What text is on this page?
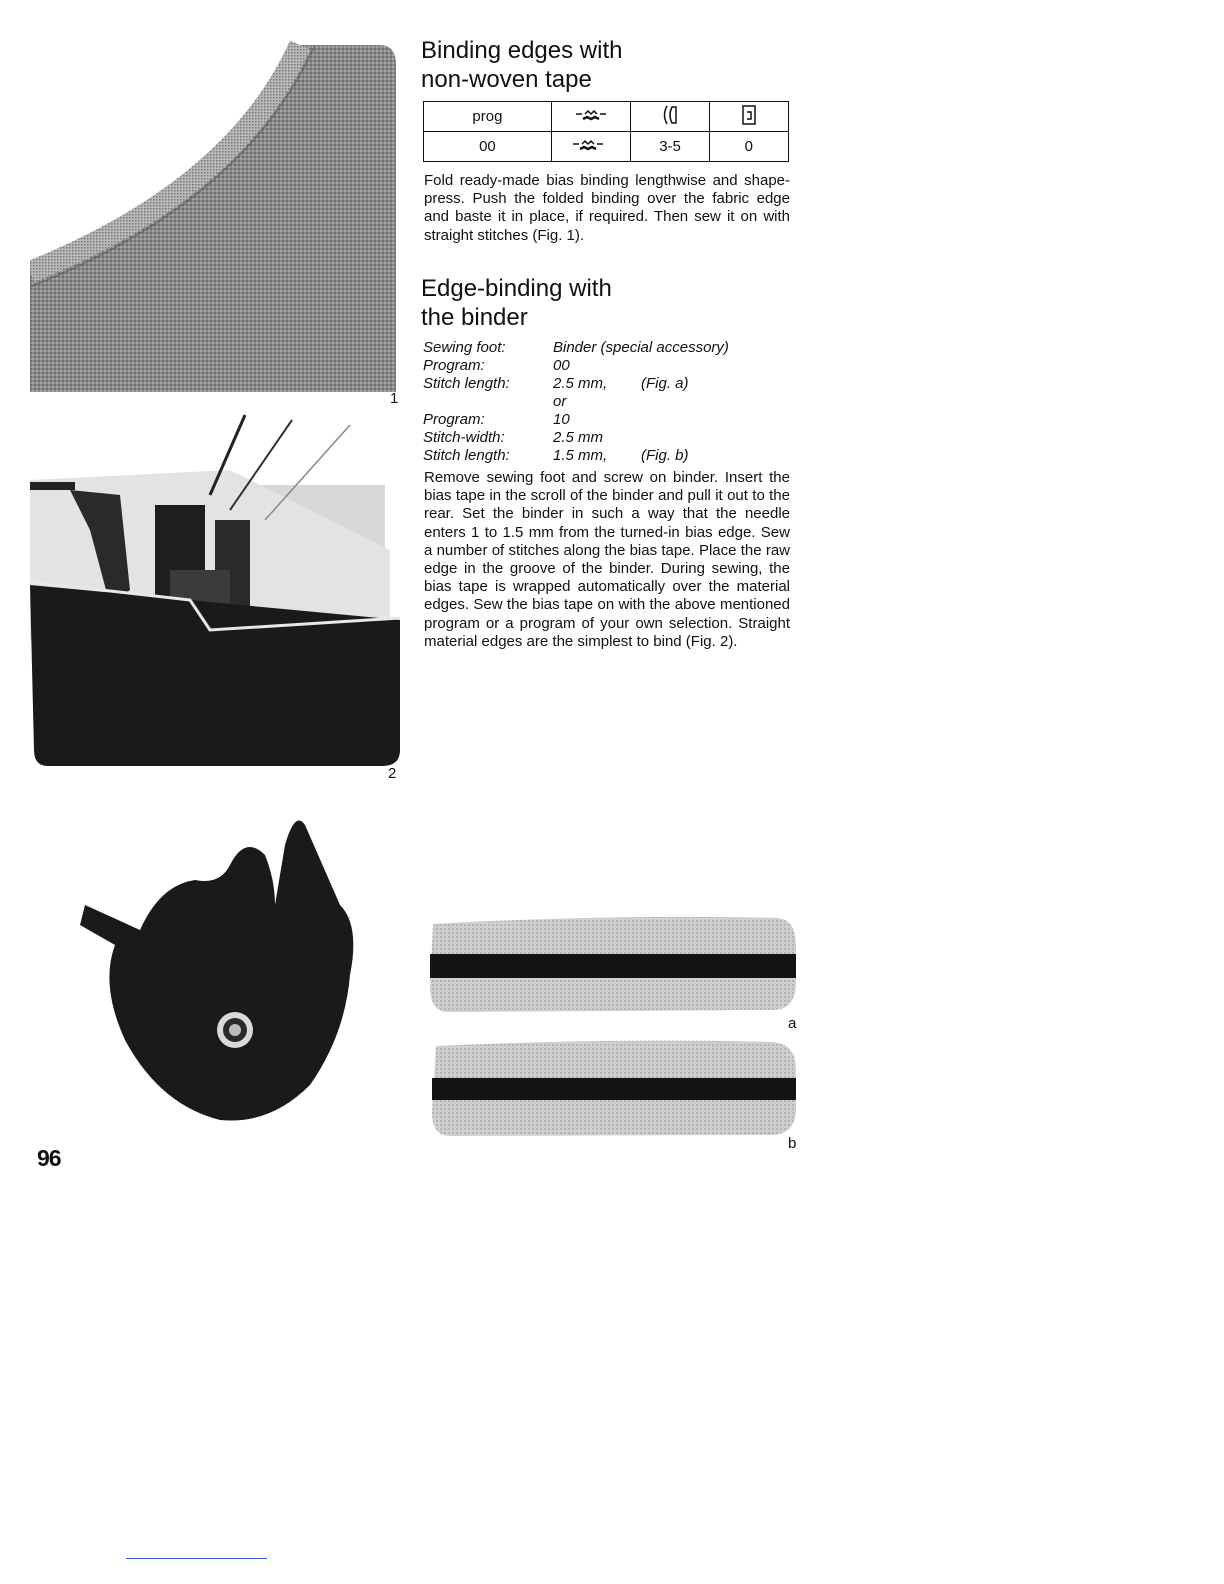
1
2
Binding edges with
non-woven tape
prog			
00		3-5	0

Fold ready-made bias binding lengthwise and shape-press. Push the folded binding over the fabric edge and baste it in place, if required. Then sew it on with straight stitches (Fig. 1).

Edge-binding with
the binder
Sewing foot:	Binder (special accessory)
Program:	00
Stitch length:	2.5 mm, (Fig. a)
or
Program:	10
Stitch-width:	2.5 mm
Stitch length:	1.5 mm, (Fig. b)

Remove sewing foot and screw on binder. Insert the bias tape in the scroll of the binder and pull it out to the rear. Set the binder in such a way that the needle enters 1 to 1.5 mm from the turned-in bias edge. Sew a number of stitches along the bias tape. Place the raw edge in the groove of the binder. During sewing, the bias tape is wrapped automatically over the material edges. Sew the bias tape on with the above mentioned program or a program of your own selection. Straight material edges are the simplest to bind (Fig. 2).

a
b
96
